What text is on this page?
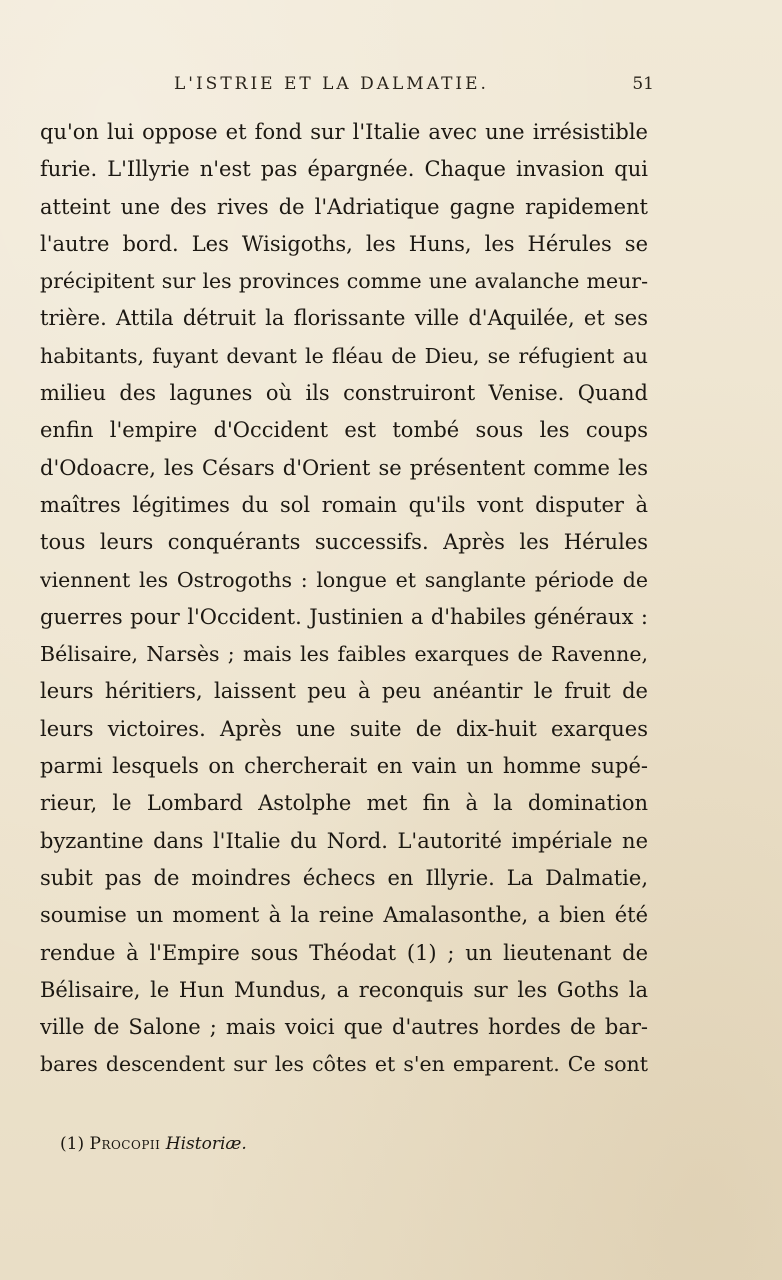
L'ISTRIE ET LA DALMATIE.	51
qu'on lui oppose et fond sur l'Italie avec une irrésistible
furie. L'Illyrie n'est pas épargnée. Chaque invasion qui
atteint une des rives de l'Adriatique gagne rapidement
l'autre bord. Les Wisigoths, les Huns, les Hérules se
précipitent sur les provinces comme une avalanche meur-
trière. Attila détruit la florissante ville d'Aquilée, et ses
habitants, fuyant devant le fléau de Dieu, se réfugient au
milieu des lagunes où ils construiront Venise. Quand
enfin l'empire d'Occident est tombé sous les coups
d'Odoacre, les Césars d'Orient se présentent comme les
maîtres légitimes du sol romain qu'ils vont disputer à
tous leurs conquérants successifs. Après les Hérules
viennent les Ostrogoths : longue et sanglante période de
guerres pour l'Occident. Justinien a d'habiles généraux :
Bélisaire, Narsès ; mais les faibles exarques de Ravenne,
leurs héritiers, laissent peu à peu anéantir le fruit de
leurs victoires. Après une suite de dix-huit exarques
parmi lesquels on chercherait en vain un homme supé-
rieur, le Lombard Astolphe met fin à la domination
byzantine dans l'Italie du Nord. L'autorité impériale ne
subit pas de moindres échecs en Illyrie. La Dalmatie,
soumise un moment à la reine Amalasonthe, a bien été
rendue à l'Empire sous Théodat (1) ; un lieutenant de
Bélisaire, le Hun Mundus, a reconquis sur les Goths la
ville de Salone ; mais voici que d'autres hordes de bar-
bares descendent sur les côtes et s'en emparent. Ce sont
(1) Procopii Historiæ.
